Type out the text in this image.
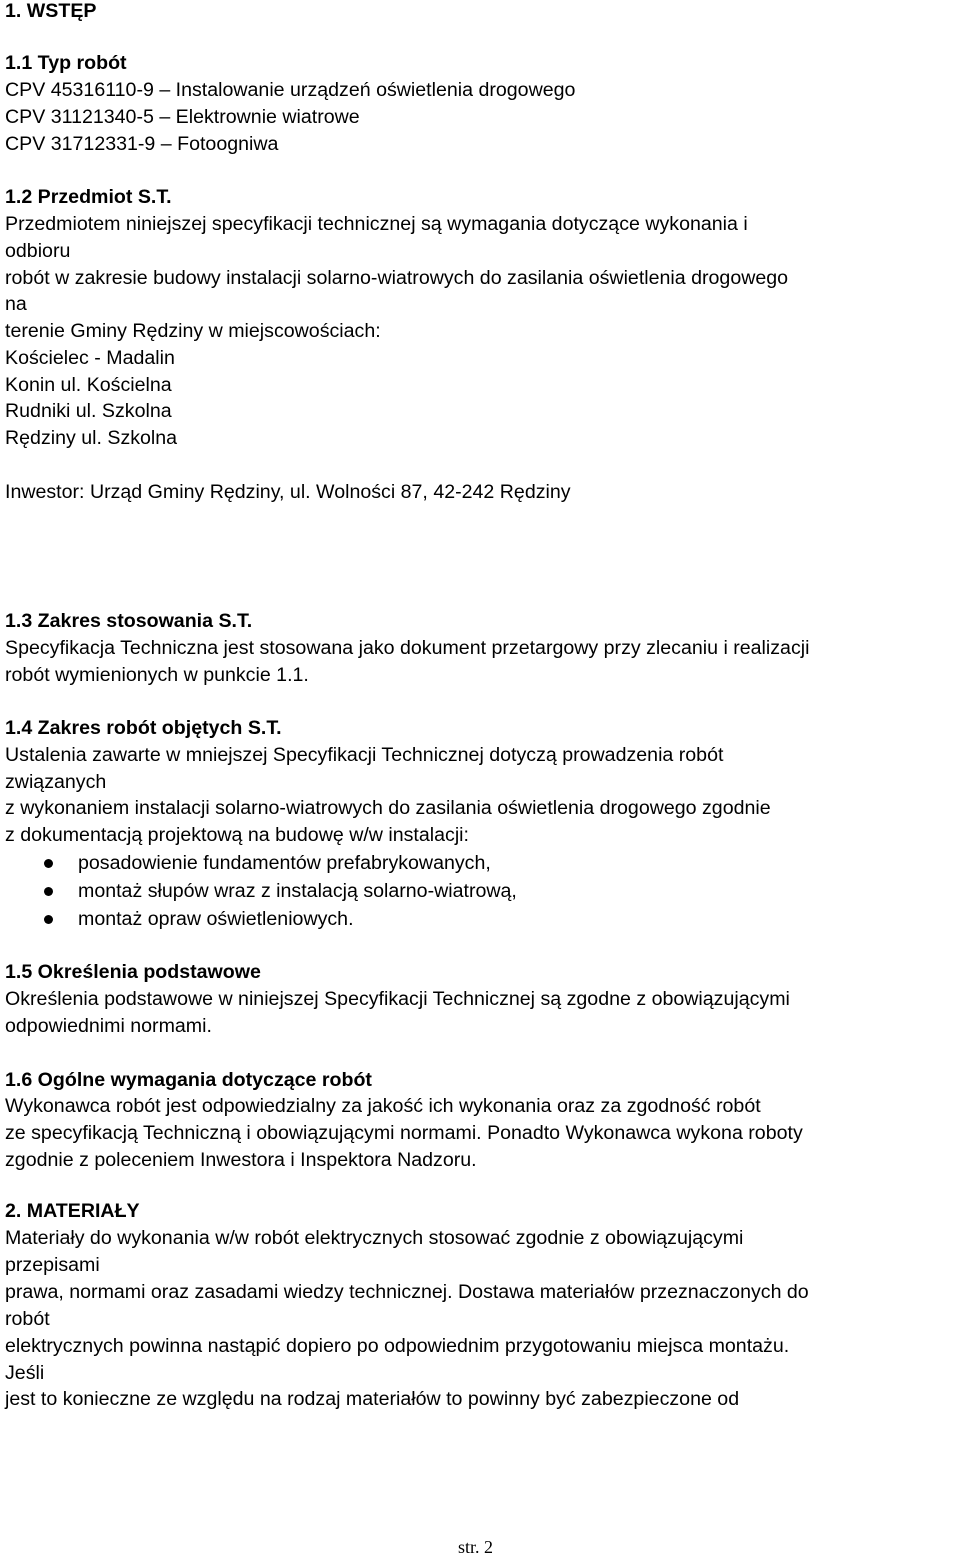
1. WSTĘP
1.1 Typ robót
CPV 45316110-9 – Instalowanie urządzeń oświetlenia drogowego
CPV 31121340-5 – Elektrownie wiatrowe
CPV 31712331-9 – Fotoogniwa
1.2 Przedmiot S.T.
Przedmiotem niniejszej specyfikacji technicznej są wymagania dotyczące wykonania i
odbioru
robót w zakresie budowy instalacji solarno-wiatrowych do zasilania oświetlenia drogowego
na
terenie Gminy Rędziny w miejscowościach:
Kościelec - Madalin
Konin ul. Kościelna
Rudniki ul. Szkolna
Rędziny ul. Szkolna
Inwestor: Urząd Gminy Rędziny, ul. Wolności 87, 42-242 Rędziny
1.3 Zakres stosowania S.T.
Specyfikacja Techniczna jest stosowana jako dokument przetargowy przy zlecaniu i realizacji
robót wymienionych w punkcie 1.1.
1.4 Zakres robót objętych S.T.
Ustalenia zawarte w mniejszej Specyfikacji Technicznej dotyczą prowadzenia robót
związanych
z wykonaniem instalacji solarno-wiatrowych do zasilania oświetlenia drogowego zgodnie
z dokumentacją projektową na budowę w/w instalacji:
posadowienie fundamentów prefabrykowanych,
montaż słupów wraz z instalacją solarno-wiatrową,
montaż opraw oświetleniowych.
1.5 Określenia podstawowe
Określenia podstawowe w niniejszej Specyfikacji Technicznej są zgodne z obowiązującymi
odpowiednimi normami.
1.6 Ogólne wymagania dotyczące robót
Wykonawca robót jest odpowiedzialny za jakość ich wykonania oraz za zgodność robót
ze specyfikacją Techniczną i obowiązującymi normami. Ponadto Wykonawca wykona roboty
zgodnie z poleceniem Inwestora i Inspektora Nadzoru.
2. MATERIAŁY
Materiały do wykonania w/w robót elektrycznych stosować zgodnie z obowiązującymi
przepisami
prawa, normami oraz zasadami wiedzy technicznej. Dostawa materiałów przeznaczonych do
robót
elektrycznych powinna nastąpić dopiero po odpowiednim przygotowaniu miejsca montażu.
Jeśli
jest to konieczne ze względu na rodzaj materiałów to powinny być zabezpieczone od
str. 2
